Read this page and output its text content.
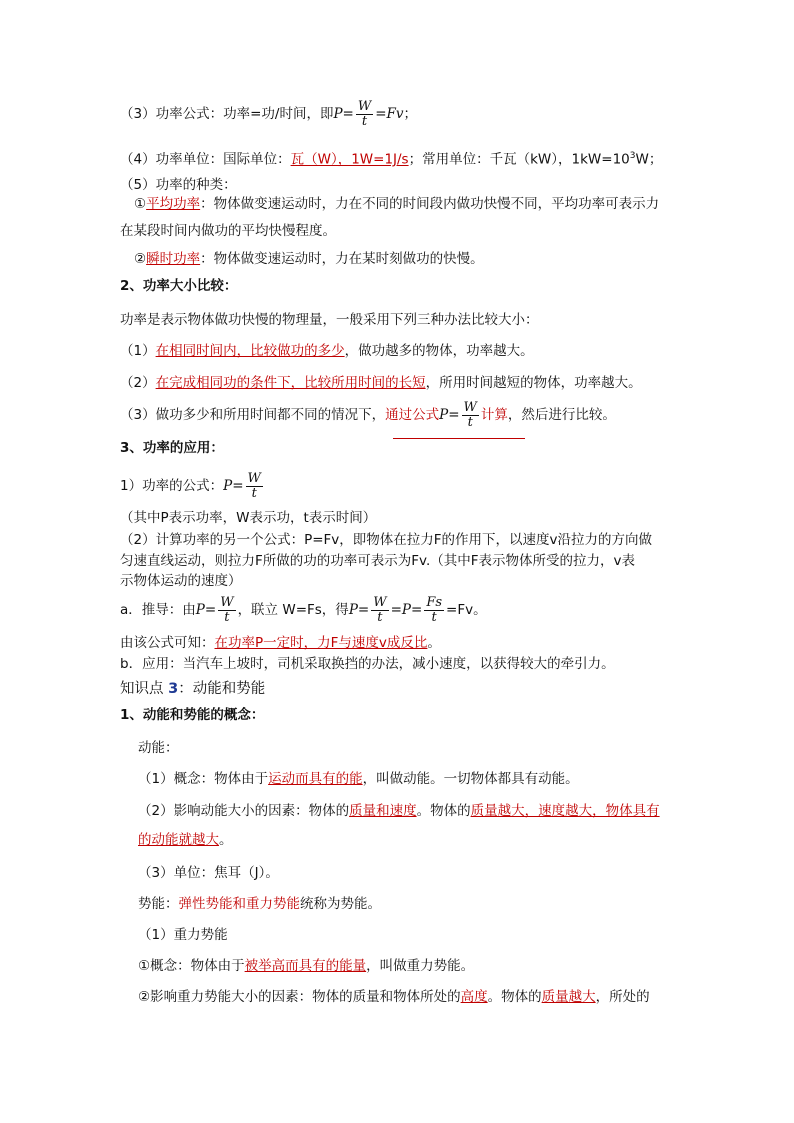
（3）功率公式：功率=功/时间，即$P= \frac{W}{t} =Fv$；
（4）功率单位：国际单位：瓦（W），1W=1J/s；常用单位：千瓦（kW），$1kW=10^3W$；
（5）功率的种类：
①平均功率：物体做变速运动时，力在不同的时间段内做功快慢不同，平均功率可表示力
在某段时间内做功的平均快慢程度。
②瞬时功率：物体做变速运动时，力在某时刻做功的快慢。
2、功率大小比较：
功率是表示物体做功快慢的物理量，一般采用下列三种办法比较大小：
（1）在相同时间内，比较做功的多少，做功越多的物体，功率越大。
（2）在完成相同功的条件下，比较所用时间的长短，所用时间越短的物体，功率越大。
（3）做功多少和所用时间都不同的情况下，通过公式$P= \frac{W}{t}$ 计算，然后进行比较。
3、功率的应用：
1）功率的公式：$P= \frac{W}{t}$
（其中P表示功率，W表示功，t表示时间）
（2）计算功率的另一个公式：P=Fv，即物体在拉力F的作用下，以速度v沿拉力的方向做
匀速直线运动，则拉力F所做的功的功率可表示为Fv.（其中F表示物体所受的拉力，v表
示物体运动的速度）
a．推导：由$P= \frac{W}{t}$ ，联立 W=Fs，得$P= \frac{W}{t} =P= \frac{Fs}{t} =Fv$。
由该公式可知：在功率P一定时，力F与速度v成反比。
b．应用：当汽车上坡时，司机采取换挡的办法，减小速度，以获得较大的牵引力。
知识点 3：动能和势能
1、动能和势能的概念：
动能：
（1）概念：物体由于运动而具有的能，叫做动能。一切物体都具有动能。
（2）影响动能大小的因素：物体的质量和速度。物体的质量越大，速度越大，物体具有
的动能就越大。
（3）单位：焦耳（J）。
势能：弹性势能和重力势能统称为势能。
（1）重力势能
①概念：物体由于被举高而具有的能量，叫做重力势能。
②影响重力势能大小的因素：物体的质量和物体所处的高度。物体的质量越大，所处的
